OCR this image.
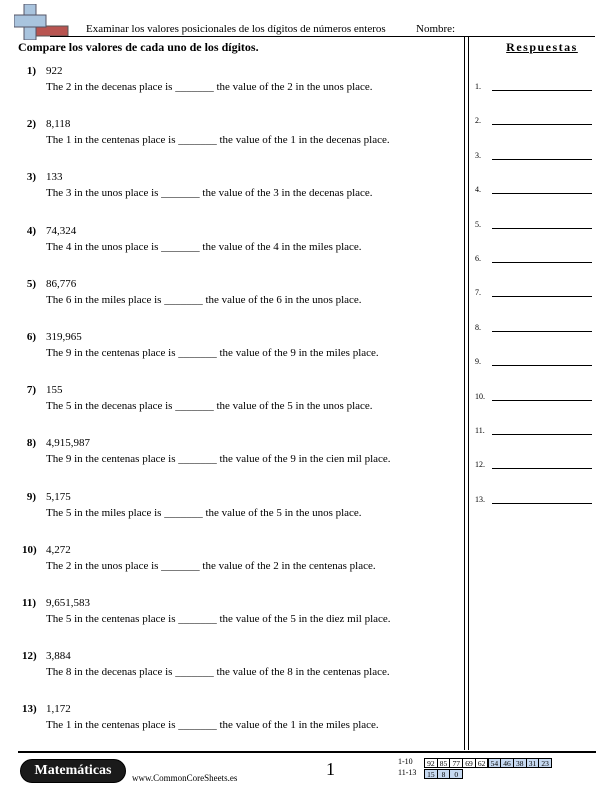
Examinar los valores posicionales de los dígitos de números enteros	Nombre:
Compare los valores de cada uno de los dígitos.	Respuestas
1.
2.
3.
4.
5.
6.
7.
8.
9.
10.
11.
12.
13.
1) 922
The 2 in the decenas place is _______ the value of the 2 in the unos place.
2) 8,118
The 1 in the centenas place is _______ the value of the 1 in the decenas place.
3) 133
The 3 in the unos place is _______ the value of the 3 in the decenas place.
4) 74,324
The 4 in the unos place is _______ the value of the 4 in the miles place.
5) 86,776
The 6 in the miles place is _______ the value of the 6 in the unos place.
6) 319,965
The 9 in the centenas place is _______ the value of the 9 in the miles place.
7) 155
The 5 in the decenas place is _______ the value of the 5 in the unos place.
8) 4,915,987
The 9 in the centenas place is _______ the value of the 9 in the cien mil place.
9) 5,175
The 5 in the miles place is _______ the value of the 5 in the unos place.
10) 4,272
The 2 in the unos place is _______ the value of the 2 in the centenas place.
11) 9,651,583
The 5 in the centenas place is _______ the value of the 5 in the diez mil place.
12) 3,884
The 8 in the decenas place is _______ the value of the 8 in the centenas place.
13) 1,172
The 1 in the centenas place is _______ the value of the 1 in the miles place.
Matemáticas	www.CommonCoreSheets.es	1	1-10	92 85 77 69 62 54 46 38 31 23
11-13	15 8	0
